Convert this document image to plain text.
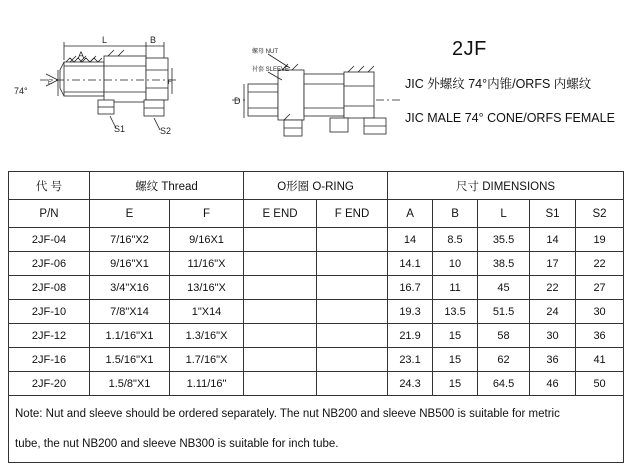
L	B
A
74°
E	F
S1	S2
螺母 NUT
衬套 SLEEVE
D
2JF
JIC 外螺纹 74°内锥/ORFS 内螺纹
JIC MALE 74° CONE/ORFS FEMALE
代 号	螺纹 Thread		O形圈 O-RING		尺寸 DIMENSIONS				
P/N	E	F	E END	F END	A	B	L	S1	S2
2JF-04	7/16"X2	9/16X1			14	8.5	35.5	14	19
2JF-06	9/16"X1	11/16"X			14.1	10	38.5	17	22
2JF-08	3/4"X16	13/16"X			16.7	11	45	22	27
2JF-10	7/8"X14	1"X14			19.3	13.5	51.5	24	30
2JF-12	1.1/16"X1	1.3/16"X			21.9	15	58	30	36
2JF-16	1.5/16"X1	1.7/16"X			23.1	15	62	36	41
2JF-20	1.5/8"X1	1.11/16"			24.3	15	64.5	46	50

Note: Nut and sleeve should be ordered separately. The nut NB200 and sleeve NB500 is suitable for metric
tube, the nut NB200 and sleeve NB300 is suitable for inch tube.									
